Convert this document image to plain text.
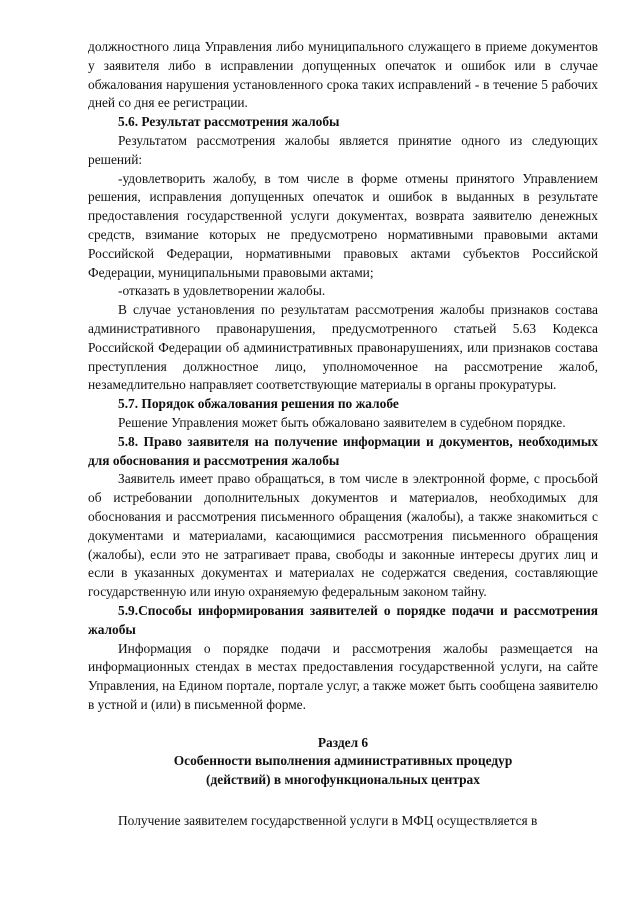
должностного лица Управления либо муниципального служащего в приеме документов у заявителя либо в исправлении допущенных опечаток и ошибок или в случае обжалования нарушения установленного срока таких исправлений - в течение 5 рабочих дней со дня ее регистрации.

5.6. Результат рассмотрения жалобы

Результатом рассмотрения жалобы является принятие одного из следующих решений:

-удовлетворить жалобу, в том числе в форме отмены принятого Управлением решения, исправления допущенных опечаток и ошибок в выданных в результате предоставления государственной услуги документах, возврата заявителю денежных средств, взимание которых не предусмотрено нормативными правовыми актами Российской Федерации, нормативными правовых актами субъектов Российской Федерации, муниципальными правовыми актами;

-отказать в удовлетворении жалобы.

В случае установления по результатам рассмотрения жалобы признаков состава административного правонарушения, предусмотренного статьей 5.63 Кодекса Российской Федерации об административных правонарушениях, или признаков состава преступления должностное лицо, уполномоченное на рассмотрение жалоб, незамедлительно направляет соответствующие материалы в органы прокуратуры.

5.7. Порядок обжалования решения по жалобе

Решение Управления может быть обжаловано заявителем в судебном порядке.

5.8. Право заявителя на получение информации и документов, необходимых для обоснования и рассмотрения жалобы

Заявитель имеет право обращаться, в том числе в электронной форме, с просьбой об истребовании дополнительных документов и материалов, необходимых для обоснования и рассмотрения письменного обращения (жалобы), а также знакомиться с документами и материалами, касающимися рассмотрения письменного обращения (жалобы), если это не затрагивает права, свободы и законные интересы других лиц и если в указанных документах и материалах не содержатся сведения, составляющие государственную или иную охраняемую федеральным законом тайну.

5.9.Способы информирования заявителей о порядке подачи и рассмотрения жалобы

Информация о порядке подачи и рассмотрения жалобы размещается на информационных стендах в местах предоставления государственной услуги, на сайте Управления, на Едином портале, портале услуг, а также может быть сообщена заявителю в устной и (или) в письменной форме.

Раздел 6

Особенности выполнения административных процедур

(действий) в многофункциональных центрах

Получение заявителем государственной услуги в МФЦ осуществляется в
